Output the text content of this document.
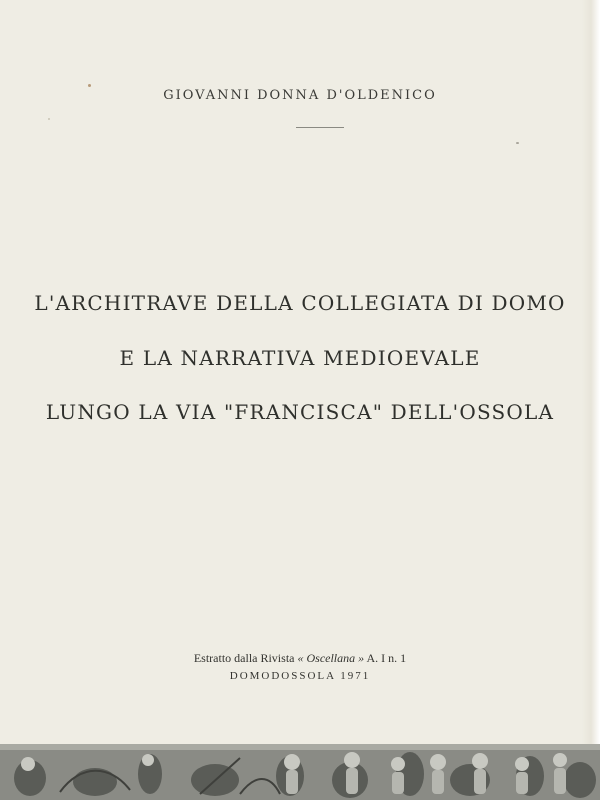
GIOVANNI DONNA D'OLDENICO
L'ARCHITRAVE DELLA COLLEGIATA DI DOMO
E LA NARRATIVA MEDIOEVALE
LUNGO LA VIA "FRANCISCA" DELL'OSSOLA
Estratto dalla Rivista « Oscellana » A. I n. 1
DOMODOSSOLA 1971
